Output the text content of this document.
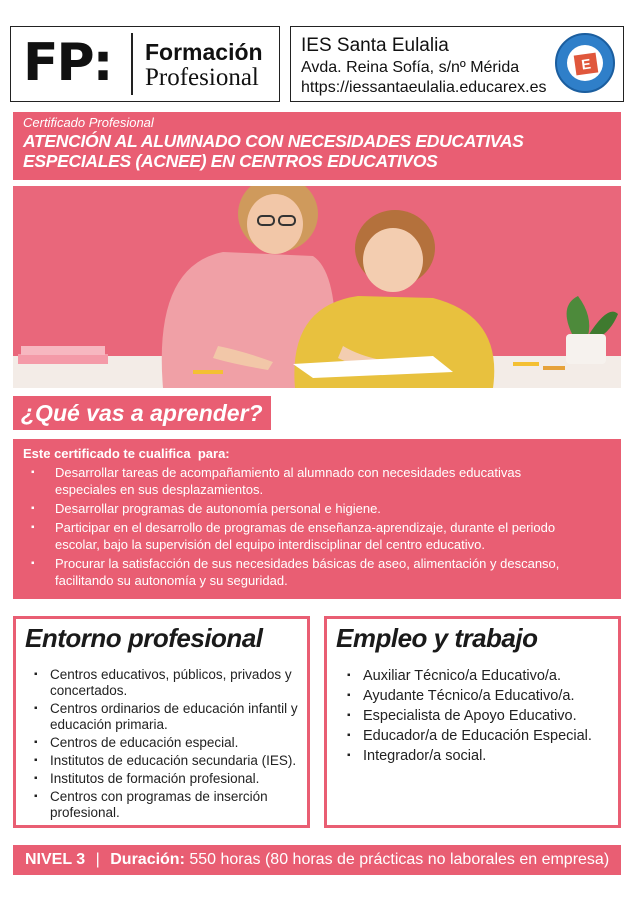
FP: Formación
Profesional
IES Santa Eulalia
Avda. Reina Sofía, s/nº Mérida
https://iessantaeulalia.educarex.es
E
Certificado Profesional
ATENCIÓN AL ALUMNADO CON NECESIDADES EDUCATIVAS ESPECIALES (ACNEE) EN CENTROS EDUCATIVOS
¿Qué vas a aprender?
Este certificado te cualifica  para:
▪ Desarrollar tareas de acompañamiento al alumnado con necesidades educativas especiales en sus desplazamientos.
▪ Desarrollar programas de autonomía personal e higiene.
▪ Participar en el desarrollo de programas de enseñanza-aprendizaje, durante el periodo escolar, bajo la supervisión del equipo interdisciplinar del centro educativo.
▪ Procurar la satisfacción de sus necesidades básicas de aseo, alimentación y descanso, facilitando su autonomía y su seguridad.
Entorno profesional
▪ Centros educativos, públicos, privados y concertados.
▪ Centros ordinarios de educación infantil y educación primaria.
▪ Centros de educación especial.
▪ Institutos de educación secundaria (IES).
▪ Institutos de formación profesional.
▪ Centros con programas de inserción profesional.
Empleo y trabajo
▪ Auxiliar Técnico/a Educativo/a.
▪ Ayudante Técnico/a Educativo/a.
▪ Especialista de Apoyo Educativo.
▪ Educador/a de Educación Especial.
▪ Integrador/a social.
NIVEL 3 | Duración: 550 horas (80 horas de prácticas no laborales en empresa)
